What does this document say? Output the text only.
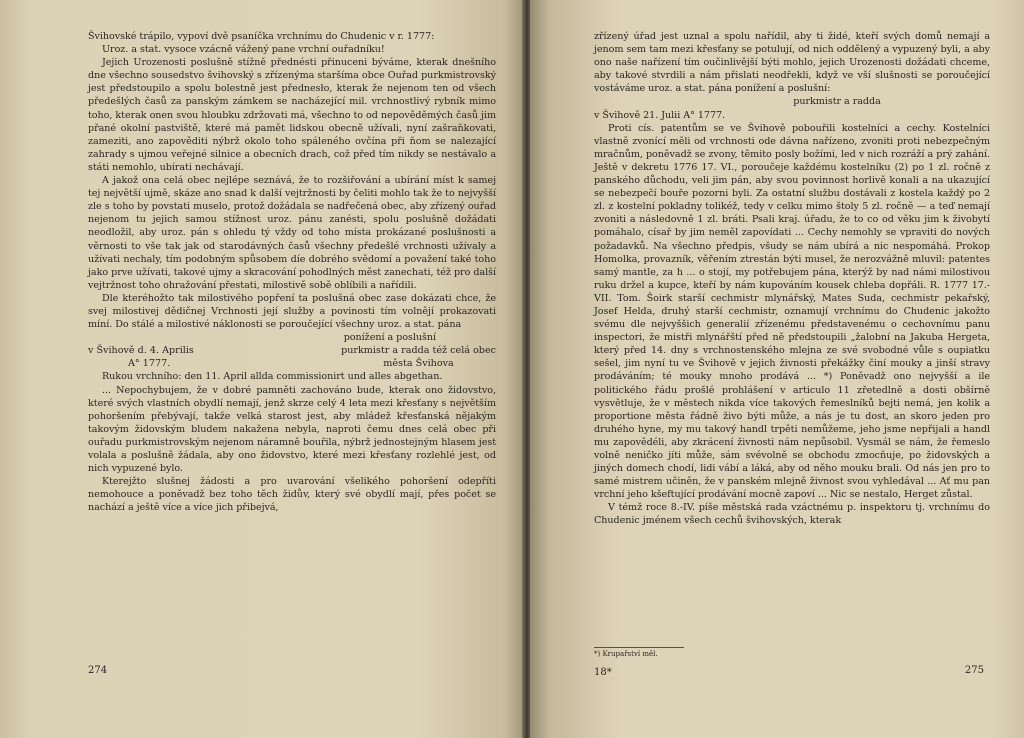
Švihovské trápilo, vypoví dvě psaníčka vrchnímu do Chudenic v r. 1777:

Uroz. a stat. vysoce vzácně vážený pane vrchní ouřadníku!

Jejich Urozenosti poslušně stížně přednésti přinuceni býváme, kterak dnešního dne všechno sousedstvo švihovský s zřízenýma staršíma obce Ouřad purkmistrovský jest předstoupilo a spolu bolestně jest přednesło, kterak že nejenom ten od všech předešlých časů za panským zámkem se nacházející mil. vrchnostlivý rybník mimo toho, kterak onen svou hloubku zdržovati má, všechno to od nepověděmých časů jim přané okolní pastviště, které má pamět lidskou obecně užívali, nyní zašraňkovati, zameziti, ano zapověditi nýbrž okolo toho spáleného ovčína při ňom se nalezající zahrady s ujmou veřejné silnice a obecních drach, což před tím nikdy se nestávalo a státi nemohlo, ubírati nechávají.

A jakož ona celá obec nejlépe seznává, že to rozšiřování a ubírání míst k samej tej největší ujmě, skáze ano snad k další vejtržnosti by čeliti mohlo tak že to nejvyšší zle s toho by povstati muselo, protož dožádala se nadřečená obec, aby zřízený ouřad nejenom tu jejich samou stížnost uroz. pánu zanésti, spolu poslušně dožádati neodložil, aby uroz. pán s ohledu tý vždy od toho místa prokázané poslušnosti a věrnosti to vše tak jak od starodávných časů všechny předešlé vrchnosti užívaly a užívati nechaly, tím podobným spůsobem díe dobrého svědomí a považení také toho jako prve užívati, takové ujmy a skracování pohodlných měst zanechati, též pro další vejtržnost toho ohražování přestati, milostivě sobě oblíbili a nařídili.

Dle kteréhožto tak milostivého popření ta poslušná obec zase dokázati chce, že svej milostivej dědičnej Vrchnosti její služby a povinosti tím volnějí prokazovati míní. Do stálé a milostivé náklonosti se poroučející všechny uroz. a stat. pána

ponížení a poslušní

v Švihově d. 4. Aprilis
A° 1777.
purkmistr a radda též celá obec
města Švihova

Rukou vrchního: den 11. April allda commissionirt und alles abgethan.

... Nepochybujem, že v dobré pamněti zachováno bude, kterak ono židovstvo, které svých vlastních obydlí nemají, jenž skrze celý 4 leta mezi křesťany s největším pohoršením přebývají, takže velká starost jest, aby mládež křesťanská nějakým takovým židovským bludem nakažena nebyla, naproti čemu dnes celá obec při ouřadu purkmistrovským nejenom náramně bouřila, nýbrž jednostejným hlasem jest volala a poslušně žádala, aby ono židovstvo, které mezi křesťany rozlehlé jest, od nich vypuzené bylo.

Kterejžto slušnej žádosti a pro uvarování všelikého pohoršení odepříti nemohouce a poněvadž bez toho těch židův, který své obydlí mají, přes počet se nachází a ještě více a více jich přibejvá,

274

zřízený úřad jest uznal a spolu nařídil, aby ti židé, kteří svých domů nemají a jenom sem tam mezi křesťany se potulují, od nich oddělený a vypuzený byli, a aby ono naše nařízení tím oučinlivější býti mohlo, jejich Urozenosti dožádati chceme, aby takové stvrdili a nám přislati neodřekli, když ve vší slušnosti se poroučející vostáváme uroz. a stat. pána ponížení a poslušní:

purkmistr a radda

v Švihově 21. Julii A° 1777.

Proti cís. patentům se ve Švihově pobouřili kostelníci a cechy. Kostelníci vlastně zvonící měli od vrchnosti ode dávna nařízeno, zvoniti proti nebezpečným mračnům, poněvadž se zvony, těmito posly božími, led v nich rozráží a prý zahání. Ještě v dekretu 1776 17. VI., poroučeje každému kostelníku (2) po 1 zl. ročně z panského důchodu, veli jim pán, aby svou povinnost horlivě konali a na ukazující se nebezpečí bouře pozorni byli. Za ostatní službu dostávali z kostela každý po 2 zl. z kostelní pokladny tolikéž, tedy v celku mimo štoly 5 zl. ročně — a teď nemají zvoniti a následovně 1 zl. bráti. Psali kraj. úřadu, že to co od věku jim k živobytí pomáhalo, císař by jim neměl zapovídati ... Cechy nemohly se vpraviti do nových požadavků. Na všechno předpis, všudy se nám ubírá a nic nespomáhá. Prokop Homolka, provazník, věřením ztrestán býti musel, že nerozvážně mluvil: patentes samý mantle, za h ... o stojí, my potřebujem pána, kterýž by nad námi milostivou ruku držel a kupce, kteří by nám kupováním kousek chleba dopřáli. R. 1777 17.-VII. Tom. Šoirk starší cechmistr mlynářský, Mates Suda, cechmistr pekařský, Josef Helda, druhý starší cechmistr, oznamují vrchnímu do Chudenic jakožto svému dle nejvyššich generalií zřízenému představenému o cechovnímu panu inspectori, že mistři mlynářští před ně předstoupili „žalobní na Jakuba Hergeta, který před 14. dny s vrchnostenského mlejna ze své svobodné vůle s oupiatku sešel, jim nyní tu ve Švihově v jejich živnosti překážky činí mouky a jinší stravy prodáváním; té mouky mnoho prodává ... *) Poněvadž ono nejvyšší a ile politického řádu prošlé prohlášení v articulo 11 zřetedlně a dosti obšírně vysvětluje, že v městech nikda více takových řemeslníků bejti nemá, jen kolik a proportione města řádně živo býti může, a nás je tu dost, an skoro jeden pro druhého hyne, my mu takový handl trpěti nemůžeme, jeho jsme nepřijali a handl mu zapovědéli, aby zkrácení živnosti nám nepůsobil. Vysmál se nám, že řemeslo volně neničko jíti může, sám svévolně se obchodu zmocňuje, po židovských a jiných domech chodí, lidi vábí a láká, aby od něho mouku brali. Od nás jen pro to samé mistrem učiněn, že v panském mlejně živnost svou vyhledával ... Ať mu pan vrchní jeho kšeftující prodávání mocně zapoví ... Nic se nestalo, Herget zůstal.

V témž roce 8.-IV. píše městská rada vzáctnému p. inspektoru tj. vrchnímu do Chudenic jménem všech cechů švihovských, kterak

*) Krupařství měl.
18*	275
